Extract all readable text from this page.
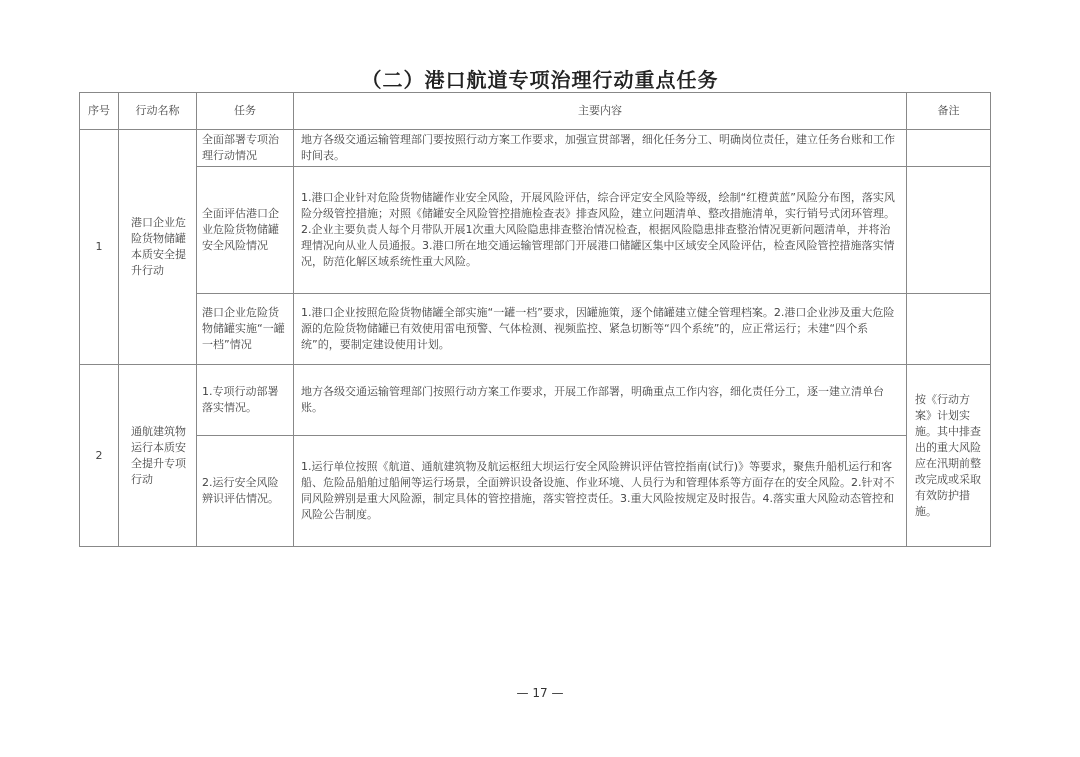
（二）港口航道专项治理行动重点任务
序号	行动名称	任务	主要内容	备注
1	港口企业危险货物储罐本质安全提升行动	全面部署专项治理行动情况	地方各级交通运输管理部门要按照行动方案工作要求，加强宣贯部署，细化任务分工、明确岗位责任，建立任务台账和工作时间表。	
		全面评估港口企业危险货物储罐安全风险情况	1.港口企业针对危险货物储罐作业安全风险，开展风险评估，综合评定安全风险等级，绘制“红橙黄蓝”风险分布图，落实风险分级管控措施；对照《储罐安全风险管控措施检查表》排查风险，建立问题清单、整改措施清单，实行销号式闭环管理。2.企业主要负责人每个月带队开展1次重大风险隐患排查整治情况检查，根据风险隐患排查整治情况更新问题清单，并将治理情况向从业人员通报。3.港口所在地交通运输管理部门开展港口储罐区集中区域安全风险评估，检查风险管控措施落实情况，防范化解区域系统性重大风险。	
		港口企业危险货物储罐实施“一罐一档”情况	1.港口企业按照危险货物储罐全部实施“一罐一档”要求，因罐施策，逐个储罐建立健全管理档案。2.港口企业涉及重大危险源的危险货物储罐已有效使用雷电预警、气体检测、视频监控、紧急切断等“四个系统”的，应正常运行；未建“四个系统”的，要制定建设使用计划。	
2	通航建筑物运行本质安全提升专项行动	1.专项行动部署落实情况。	地方各级交通运输管理部门按照行动方案工作要求，开展工作部署，明确重点工作内容，细化责任分工，逐一建立清单台账。	按《行动方案》计划实施。其中排查出的重大风险应在汛期前整改完成或采取有效防护措施。
		2.运行安全风险辨识评估情况。	1.运行单位按照《航道、通航建筑物及航运枢纽大坝运行安全风险辨识评估管控指南(试行)》等要求，聚焦升船机运行和客船、危险品船舶过船闸等运行场景，全面辨识设备设施、作业环境、人员行为和管理体系等方面存在的安全风险。2.针对不同风险辨别是重大风险源，制定具体的管控措施，落实管控责任。3.重大风险按规定及时报告。4.落实重大风险动态管控和风险公告制度。	
— 17 —
